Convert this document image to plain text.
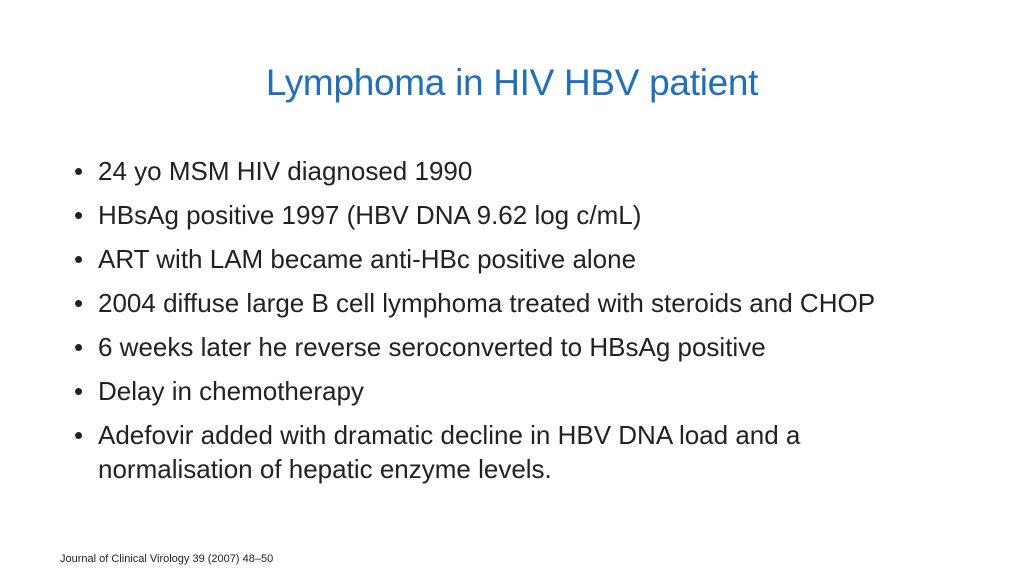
Lymphoma in HIV HBV patient
• 24 yo MSM HIV diagnosed 1990
• HBsAg positive 1997 (HBV DNA 9.62 log c/mL)
• ART with LAM became anti-HBc positive alone
• 2004 diffuse large B cell lymphoma treated with steroids and CHOP
• 6 weeks later he reverse seroconverted to HBsAg positive
• Delay in chemotherapy
• Adefovir added with dramatic decline in HBV DNA load and a normalisation of hepatic enzyme levels.
Journal of Clinical Virology 39 (2007) 48–50
